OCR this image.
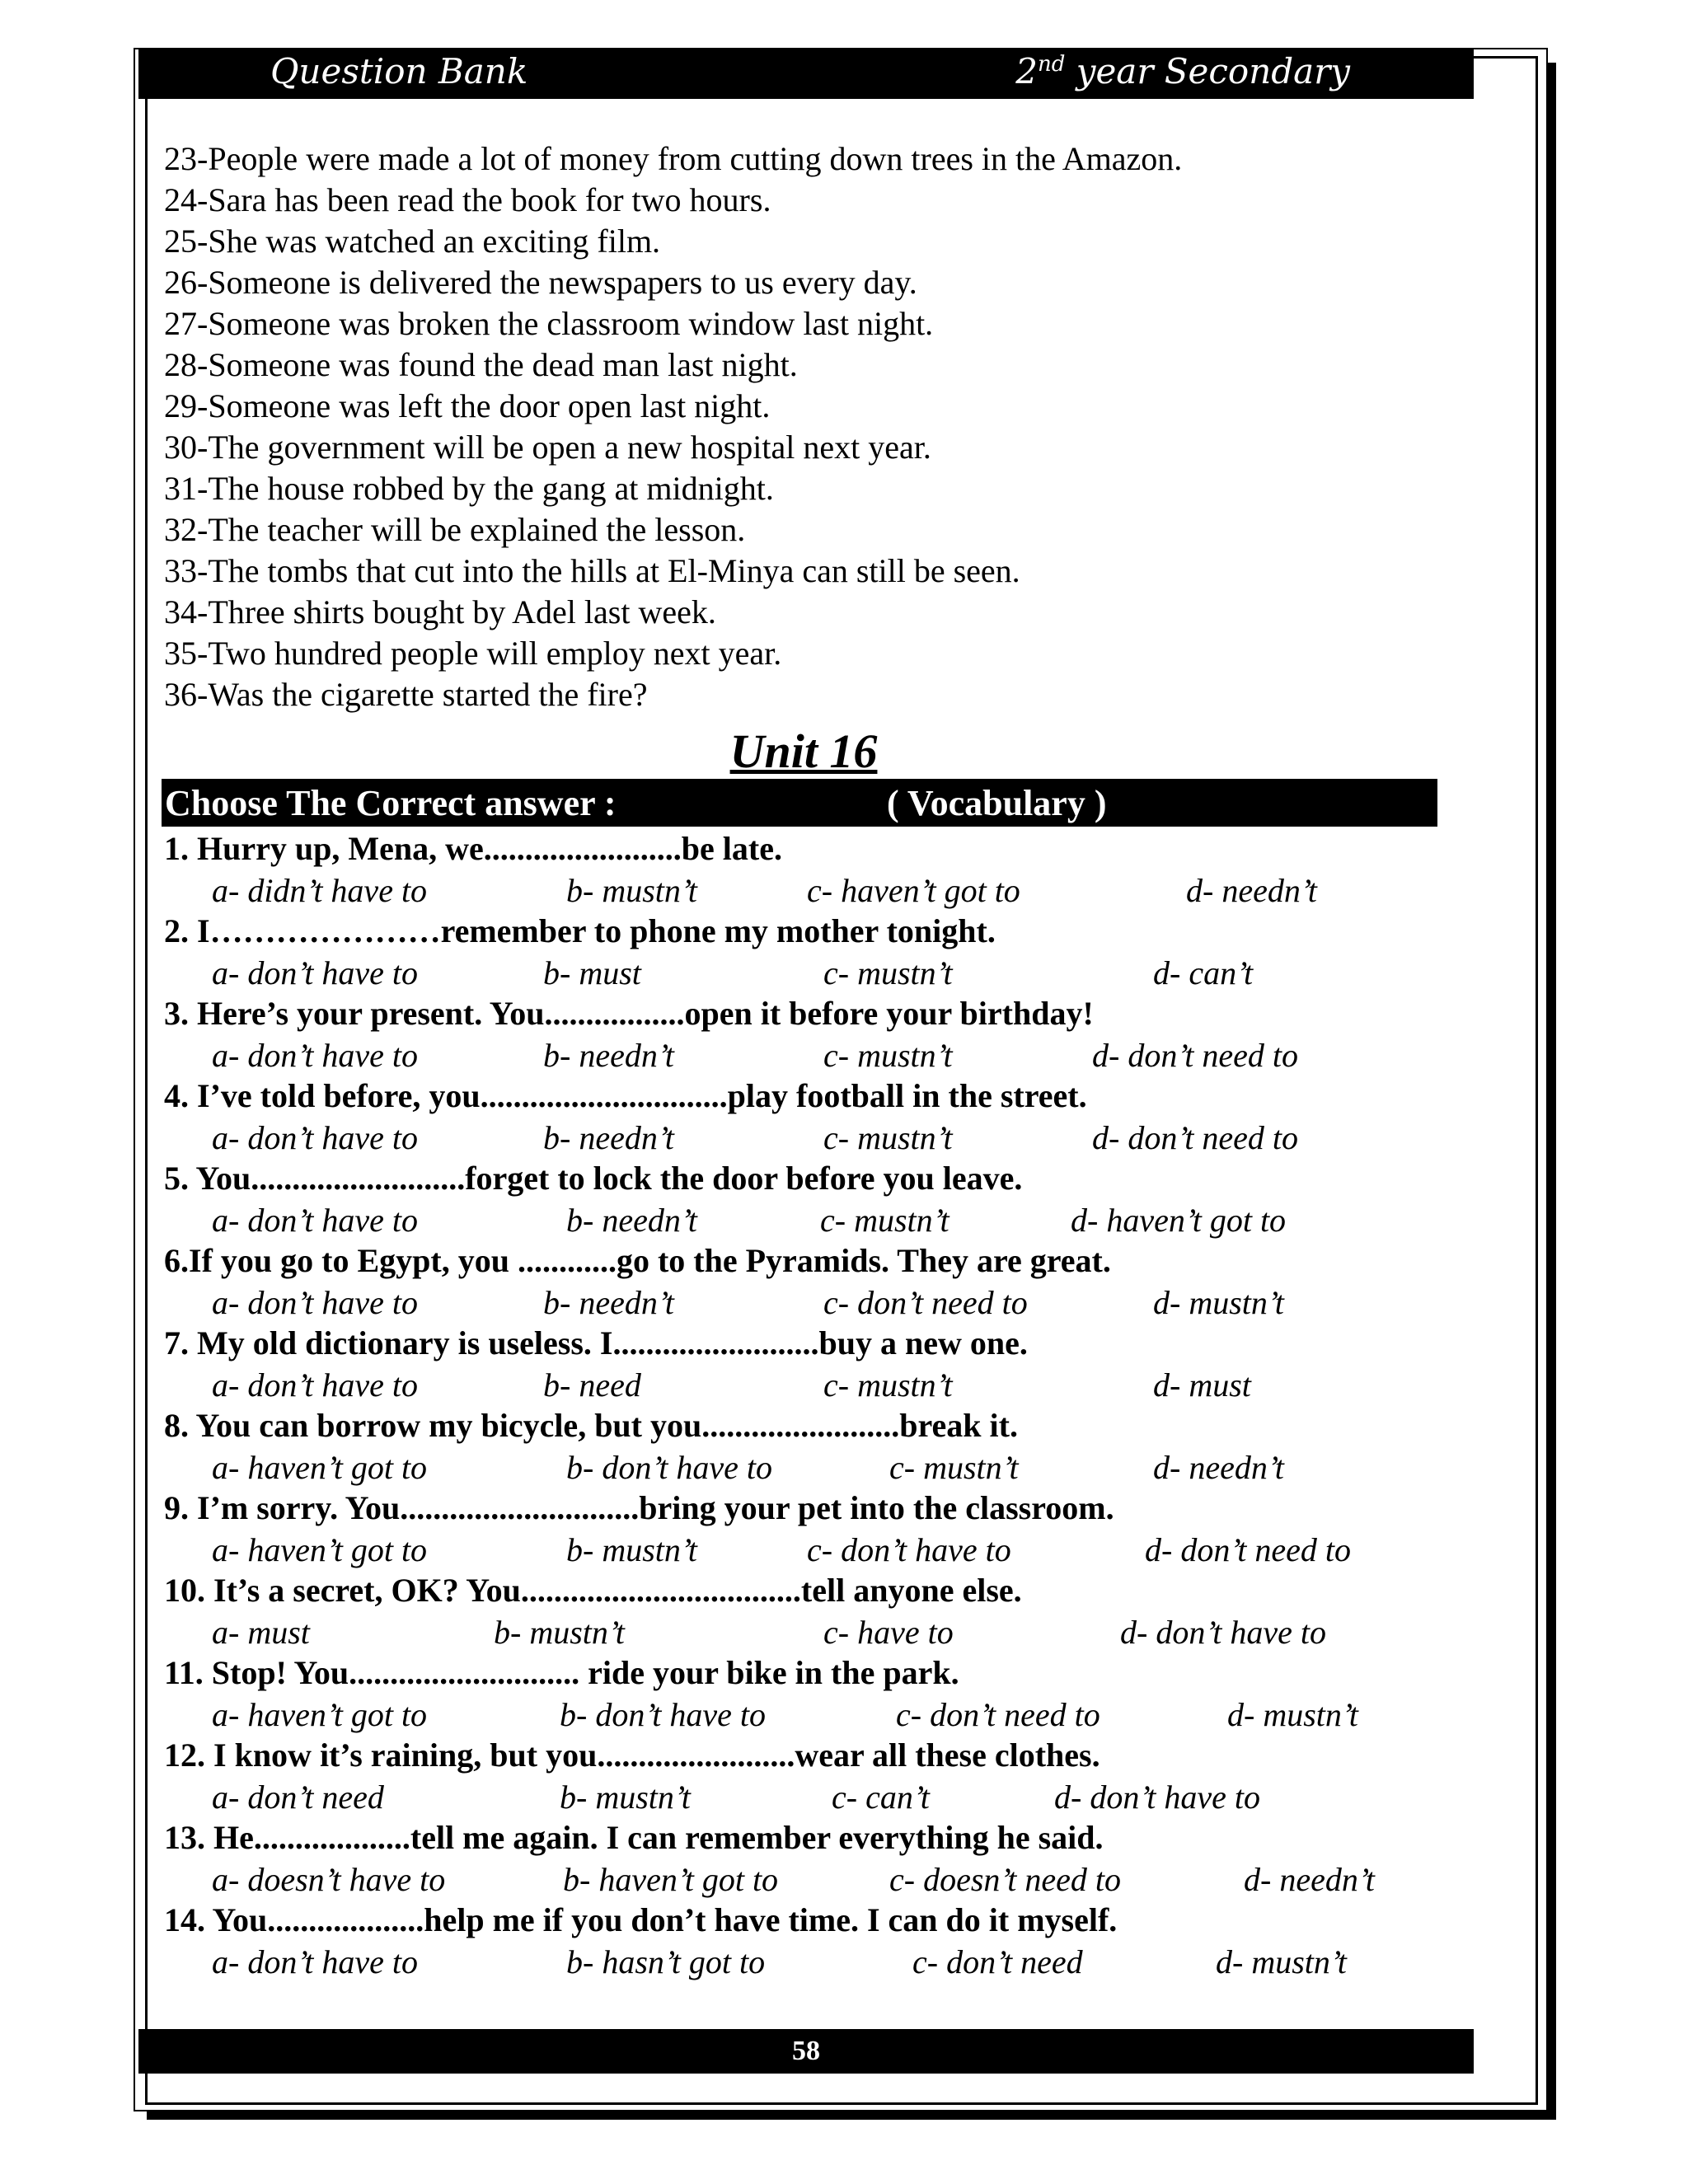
Question Bank	2nd year Secondary
23-People were made a lot of money from cutting down trees in the Amazon.
24-Sara has been read the book for two hours.
25-She was watched an exciting film.
26-Someone is delivered the newspapers to us every day.
27-Someone was broken the classroom window last night.
28-Someone was found the dead man last night.
29-Someone was left the door open last night.
30-The government will be open a new hospital next year.
31-The house robbed by the gang at midnight.
32-The teacher will be explained the lesson.
33-The tombs that cut into the hills at El-Minya can still be seen.
34-Three shirts bought by Adel last week.
35-Two hundred people will employ next year.
36-Was the cigarette started the fire?
Unit 16
Choose The Correct answer :	( Vocabulary )
1. Hurry up, Mena, we........................be late.
a- didn’t have to	b- mustn’t	c- haven’t got to	d- needn’t
2. I…………………remember to phone my mother tonight.
a- don’t have to	b- must	c- mustn’t	d- can’t
3. Here’s your present. You.................open it before your birthday!
a- don’t have to	b- needn’t	c- mustn’t	d- don’t need to
4. I’ve told before, you..............................play football in the street.
a- don’t have to	b- needn’t	c- mustn’t	d- don’t need to
5. You..........................forget to lock the door before you leave.
a- don’t have to	b- needn’t	c- mustn’t	d- haven’t got to
6.If you go to Egypt, you ............go to the Pyramids. They are great.
a- don’t have to	b- needn’t	c- don’t need to	d- mustn’t
7. My old dictionary is useless. I.........................buy a new one.
a- don’t have to	b- need	c- mustn’t	d- must
8. You can borrow my bicycle, but you........................break it.
a- haven’t got to	b- don’t have to	c- mustn’t	d- needn’t
9. I’m sorry. You.............................bring your pet into the classroom.
a- haven’t got to	b- mustn’t	c- don’t have to	d- don’t need to
10. It’s a secret, OK? You..................................tell anyone else.
a- must	b- mustn’t	c- have to	d- don’t have to
11. Stop! You............................ ride your bike in the park.
a- haven’t got to	b- don’t have to	c- don’t need to	d- mustn’t
12. I know it’s raining, but you........................wear all these clothes.
a- don’t need	b- mustn’t	c- can’t	d- don’t have to
13. He...................tell me again. I can remember everything he said.
a- doesn’t have to	b- haven’t got to	c- doesn’t need to	d- needn’t
14. You...................help me if you don’t have time. I can do it myself.
a- don’t have to	b- hasn’t got to	c- don’t need	d- mustn’t
58
